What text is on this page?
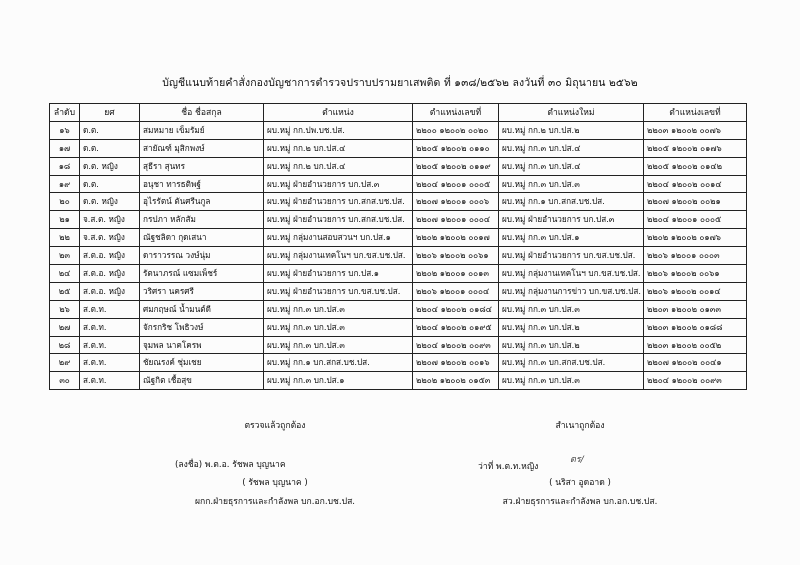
บัญชีแนบท้ายคำสั่งกองบัญชาการตำรวจปราบปรามยาเสพติด ที่ ๑๓๘/๒๕๖๒ ลงวันที่ ๓๐ มิถุนายน ๒๕๖๒
ลำดับ	ยศ	ชื่อ ชื่อสกุล	ตำแหน่ง	ตำแหน่งเลขที่	ตำแหน่งใหม่	ตำแหน่งเลขที่
๑๖	ด.ต.	สมหมาย เข็มรัมย์	ผบ.หมู่ กก.ปพ.บช.ปส.	๒๒๐๐ ๑๒๐๐๒ ๐๐๒๐	ผบ.หมู่ กก.๒ บก.ปส.๒	๒๒๐๓ ๑๒๐๐๒ ๐๐๗๖
๑๗	ด.ต.	สายัณฑ์ มุสิกพงษ์	ผบ.หมู่ กก.๒ บก.ปส.๔	๒๒๐๕ ๑๒๐๐๒ ๐๑๑๐	ผบ.หมู่ กก.๓ บก.ปส.๔	๒๒๐๕ ๑๒๐๐๒ ๐๑๗๖
๑๘	ด.ต. หญิง	สุธีรา สุนทร	ผบ.หมู่ กก.๒ บก.ปส.๔	๒๒๐๕ ๑๒๐๐๒ ๐๑๑๙	ผบ.หมู่ กก.๓ บก.ปส.๔	๒๒๐๕ ๑๒๐๐๒ ๐๑๔๒
๑๙	ด.ต.	อนุชา ทารธติพฐ์	ผบ.หมู่ ฝ่ายอำนวยการ บก.ปส.๓	๒๒๐๔ ๑๒๐๐๑ ๐๐๐๕	ผบ.หมู่ กก.๓ บก.ปส.๓	๒๒๐๔ ๑๒๐๐๒ ๐๐๑๔
๒๐	ด.ต. หญิง	อุไรรัตน์ ตันศรีนกูล	ผบ.หมู่ ฝ่ายอำนวยการ บก.สกส.บช.ปส.	๒๒๐๗ ๑๒๐๐๑ ๐๐๐๖	ผบ.หมู่ กก.๑ บก.สกส.บช.ปส.	๒๒๐๗ ๑๒๐๐๒ ๐๐๒๑
๒๑	จ.ส.ต. หญิง	กรปภา หลักสัม	ผบ.หมู่ ฝ่ายอำนวยการ บก.สกส.บช.ปส.	๒๒๐๗ ๑๒๐๐๑ ๐๐๐๔	ผบ.หมู่ ฝ่ายอำนวยการ บก.ปส.๓	๒๒๐๔ ๑๒๐๐๑ ๐๐๐๕
๒๒	จ.ส.ต. หญิง	ณัฐชลิดา กุดเสนา	ผบ.หมู่ กลุ่มงานสอบสวนฯ บก.ปส.๑	๒๒๐๒ ๑๒๐๐๒ ๐๐๑๗	ผบ.หมู่ กก.๓ บก.ปส.๑	๒๒๐๒ ๑๒๐๐๒ ๐๑๗๖
๒๓	ส.ต.อ. หญิง	ดาราวรรณ วงษ์นุ่ม	ผบ.หมู่ กลุ่มงานเทคโนฯ บก.ขส.บช.ปส.	๒๒๐๖ ๑๒๐๐๒ ๐๐๖๑	ผบ.หมู่ ฝ่ายอำนวยการ บก.ขส.บช.ปส.	๒๒๐๖ ๑๒๐๐๑ ๐๐๐๓
๒๔	ส.ต.อ. หญิง	รัตนาภรณ์ แซมเพ็ชร์	ผบ.หมู่ ฝ่ายอำนวยการ บก.ปส.๑	๒๒๐๒ ๑๒๐๐๑ ๐๐๑๓	ผบ.หมู่ กลุ่มงานเทคโนฯ บก.ขส.บช.ปส.	๒๒๐๖ ๑๒๐๐๒ ๐๐๖๑
๒๕	ส.ต.อ. หญิง	วริศรา นครศรี	ผบ.หมู่ ฝ่ายอำนวยการ บก.ขส.บช.ปส.	๒๒๐๖ ๑๒๐๐๑ ๐๐๐๔	ผบ.หมู่ กลุ่มงานการข่าว บก.ขส.บช.ปส.	๒๒๐๖ ๑๒๐๐๒ ๐๐๑๔
๒๖	ส.ต.ท.	ศมกฤษณ์ น้ำมนต์ดี	ผบ.หมู่ กก.๓ บก.ปส.๓	๒๒๐๔ ๑๒๐๐๒ ๐๑๘๔	ผบ.หมู่ กก.๓ บก.ปส.๓	๒๒๐๓ ๑๒๐๐๒ ๐๑๓๓
๒๗	ส.ต.ท.	จักรกริช โพธิวงษ์	ผบ.หมู่ กก.๓ บก.ปส.๓	๒๒๐๔ ๑๒๐๐๒ ๐๑๙๕	ผบ.หมู่ กก.๓ บก.ปส.๒	๒๒๐๓ ๑๒๐๐๒ ๐๑๘๘
๒๘	ส.ต.ท.	จุมพล นาคโครพ	ผบ.หมู่ กก.๓ บก.ปส.๓	๒๒๐๔ ๑๒๐๐๒ ๐๐๙๓	ผบ.หมู่ กก.๓ บก.ปส.๒	๒๒๐๓ ๑๒๐๐๒ ๐๐๕๒
๒๙	ส.ต.ท.	ชัยณรงค์ ชุ่มเชย	ผบ.หมู่ กก.๑ บก.สกส.บช.ปส.	๒๒๐๗ ๑๒๐๐๒ ๐๐๑๖	ผบ.หมู่ กก.๓ บก.สกส.บช.ปส.	๒๒๐๗ ๑๒๐๐๒ ๐๐๔๑
๓๐	ส.ต.ท.	ณัฐกิต เชื้อสุข	ผบ.หมู่ กก.๓ บก.ปส.๑	๒๒๐๒ ๑๒๐๐๒ ๐๑๕๓	ผบ.หมู่ กก.๓ บก.ปส.๓	๒๒๐๔ ๑๒๐๐๒ ๐๐๙๓
ตรวจแล้วถูกต้อง
(ลงชื่อ) พ.ต.อ. รัชพล บุญนาค
( รัชพล บุญนาค )
ผกก.ฝ่ายธุรการและกำลังพล บก.อก.บช.ปส.
สำเนาถูกต้อง
ว่าที่ พ.ต.ท.หญิง
ตร/
( นริสา อูดอาด )
สว.ฝ่ายธุรการและกำลังพล บก.อก.บช.ปส.
